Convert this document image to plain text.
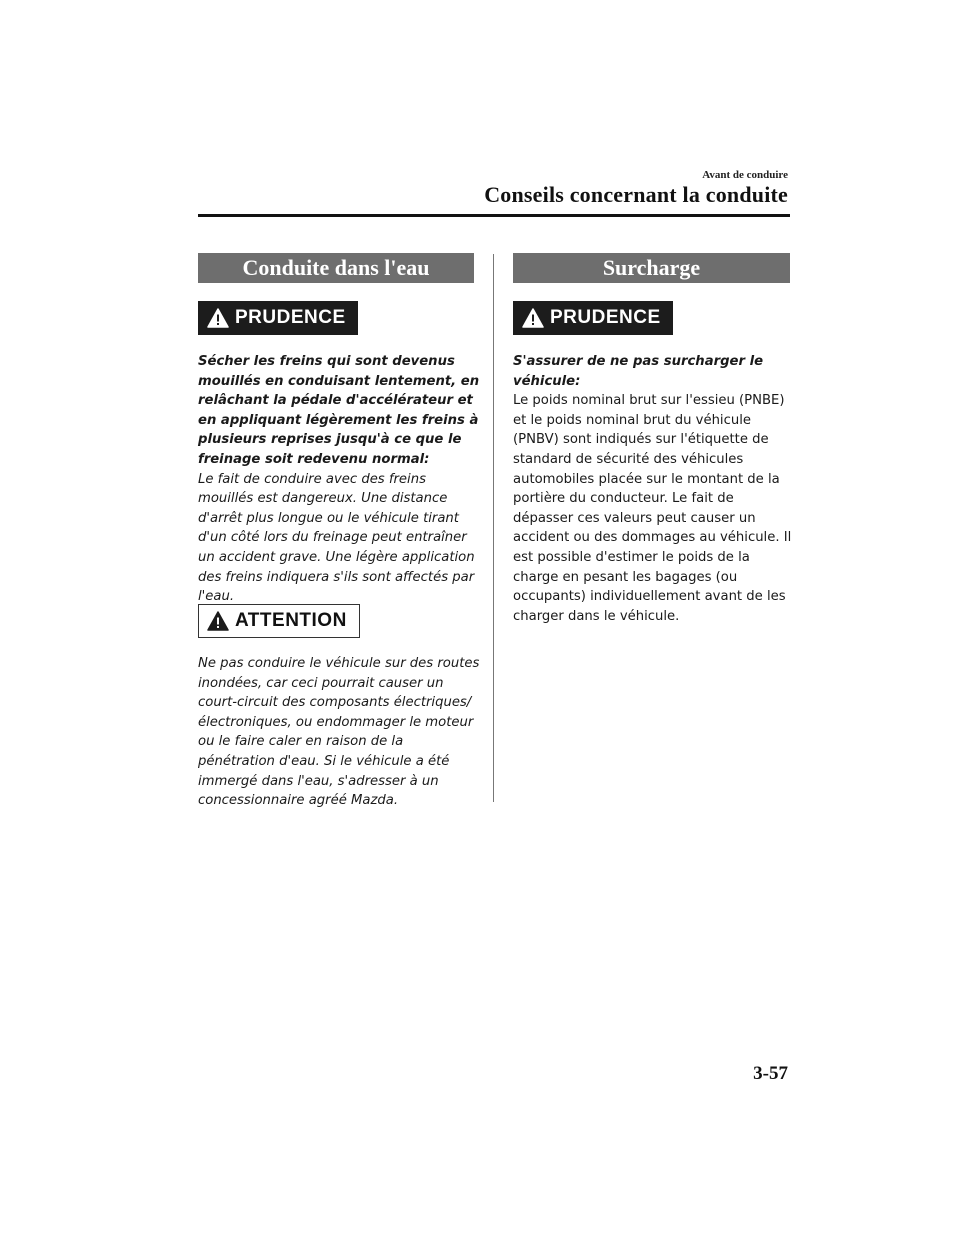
Avant de conduire
Conseils concernant la conduite
Conduite dans l'eau
PRUDENCE

Sécher les freins qui sont devenus mouillés en conduisant lentement, en relâchant la pédale d'accélérateur et en appliquant légèrement les freins à plusieurs reprises jusqu'à ce que le freinage soit redevenu normal:

Le fait de conduire avec des freins mouillés est dangereux. Une distance d'arrêt plus longue ou le véhicule tirant d'un côté lors du freinage peut entraîner un accident grave. Une légère application des freins indiquera s'ils sont affectés par l'eau.

ATTENTION

Ne pas conduire le véhicule sur des routes inondées, car ceci pourrait causer un court-circuit des composants électriques/ électroniques, ou endommager le moteur ou le faire caler en raison de la pénétration d'eau. Si le véhicule a été immergé dans l'eau, s'adresser à un concessionnaire agréé Mazda.

Surcharge
PRUDENCE

S'assurer de ne pas surcharger le véhicule:

Le poids nominal brut sur l'essieu (PNBE) et le poids nominal brut du véhicule (PNBV) sont indiqués sur l'étiquette de standard de sécurité des véhicules automobiles placée sur le montant de la portière du conducteur. Le fait de dépasser ces valeurs peut causer un accident ou des dommages au véhicule. Il est possible d'estimer le poids de la charge en pesant les bagages (ou occupants) individuellement avant de les charger dans le véhicule.

3-57
